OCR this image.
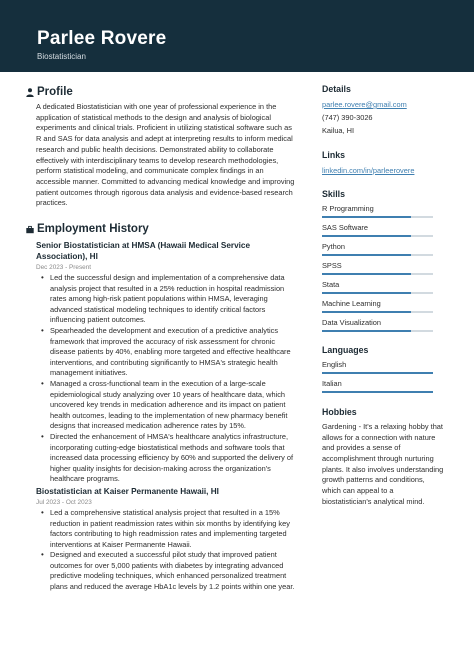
Parlee Rovere
Biostatistician
Profile

A dedicated Biostatistician with one year of professional experience in the application of statistical methods to the design and analysis of biological experiments and clinical trials. Proficient in utilizing statistical software such as R and SAS for data analysis and adept at interpreting results to inform medical research and public health decisions. Demonstrated ability to collaborate effectively with interdisciplinary teams to develop research methodologies, perform statistical modeling, and communicate complex findings in an accessible manner. Committed to advancing medical knowledge and improving patient outcomes through rigorous data analysis and evidence-based research practices.

Employment History
Senior Biostatistician at HMSA (Hawaii Medical Service Association), HI
Dec 2023 - Present
• Led the successful design and implementation of a comprehensive data analysis project that resulted in a 25% reduction in hospital readmission rates among high-risk patient populations within HMSA, leveraging advanced statistical modeling techniques to identify critical factors influencing patient outcomes.
• Spearheaded the development and execution of a predictive analytics framework that improved the accuracy of risk assessment for chronic disease patients by 40%, enabling more targeted and effective healthcare interventions, and contributing significantly to HMSA's strategic health management initiatives.
• Managed a cross-functional team in the execution of a large-scale epidemiological study analyzing over 10 years of healthcare data, which uncovered key trends in medication adherence and its impact on patient health outcomes, leading to the implementation of new pharmacy benefit designs that increased medication adherence rates by 15%.
• Directed the enhancement of HMSA's healthcare analytics infrastructure, incorporating cutting-edge biostatistical methods and software tools that increased data processing efficiency by 60% and supported the delivery of higher quality insights for decision-making across the organization's healthcare programs.
Biostatistician at Kaiser Permanente Hawaii, HI
Jul 2023 - Oct 2023
• Led a comprehensive statistical analysis project that resulted in a 15% reduction in patient readmission rates within six months by identifying key factors contributing to high readmission rates and implementing targeted interventions at Kaiser Permanente Hawaii.
• Designed and executed a successful pilot study that improved patient outcomes for over 5,000 patients with diabetes by integrating advanced predictive modeling techniques, which enhanced personalized treatment plans and reduced the average HbA1c levels by 1.2 points within one year.
Details
parlee.rovere@gmail.com
(747) 390-3026
Kailua, HI
Links
linkedin.com/in/parleerovere
Skills
R Programming
SAS Software
Python
SPSS
Stata
Machine Learning
Data Visualization
Languages
English
Italian
Hobbies

Gardening - It's a relaxing hobby that allows for a connection with nature and provides a sense of accomplishment through nurturing plants. It also involves understanding growth patterns and conditions, which can appeal to a biostatistician's analytical mind.
